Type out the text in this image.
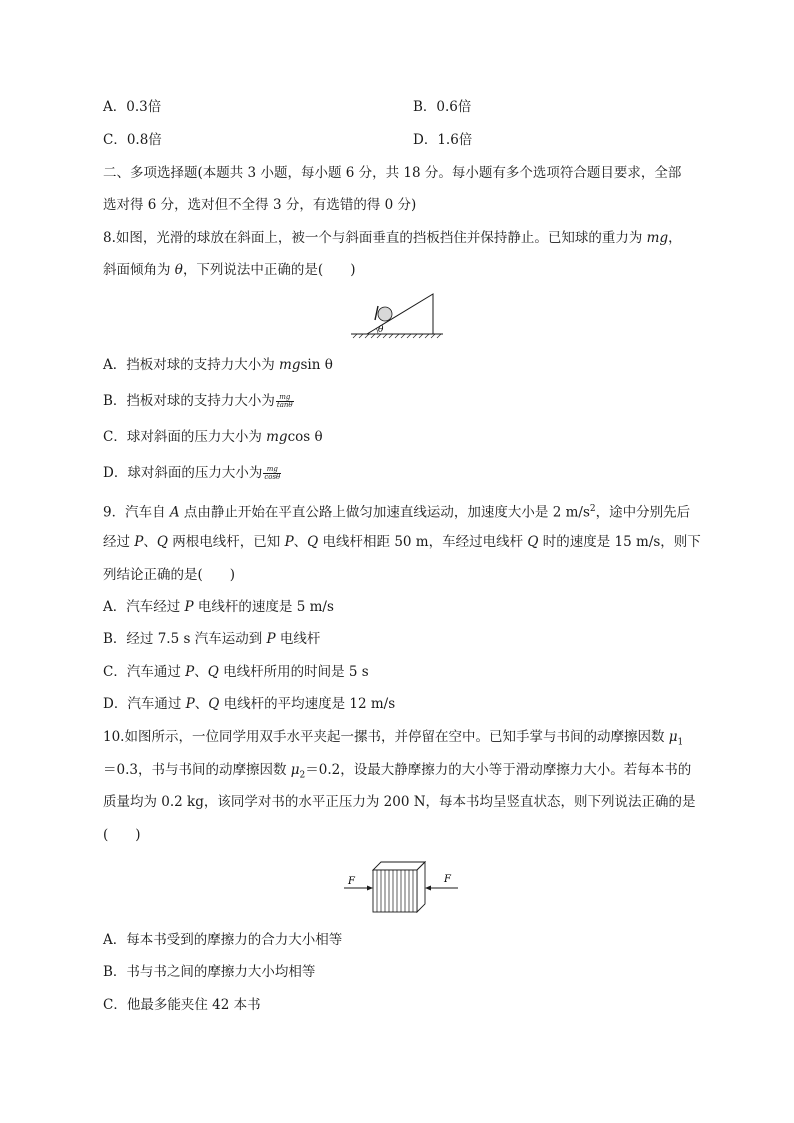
A．0.3倍	B．0.6倍
C．0.8倍	D．1.6倍
二、多项选择题(本题共 3 小题，每小题 6 分，共 18 分。每小题有多个选项符合题目要求，全部
选对得 6 分，选对但不全得 3 分，有选错的得 0 分)
8.如图，光滑的球放在斜面上，被一个与斜面垂直的挡板挡住并保持静止。已知球的重力为 mg，
斜面倾角为 θ，下列说法中正确的是(　　)
θ
A．挡板对球的支持力大小为 mgsin θ
B．挡板对球的支持力大小为 $\frac{mg}{\tan\theta}$
C．球对斜面的压力大小为 mgcos θ
D．球对斜面的压力大小为 $\frac{mg}{\cos\theta}$
9．汽车自 A 点由静止开始在平直公路上做匀加速直线运动，加速度大小是 2 $m/s^2$，途中分别先后
经过 P、Q 两根电线杆，已知 P、Q 电线杆相距 50 m，车经过电线杆 Q 时的速度是 15 m/s，则下
列结论正确的是(　　)
A．汽车经过 P 电线杆的速度是 5 m/s
B．经过 7.5 s 汽车运动到 P 电线杆
C．汽车通过 P、Q 电线杆所用的时间是 5 s
D．汽车通过 P、Q 电线杆的平均速度是 12 m/s
10.如图所示，一位同学用双手水平夹起一摞书，并停留在空中。已知手掌与书间的动摩擦因数 $\mu_1$
＝0.3，书与书间的动摩擦因数 $\mu_2=0.2$，设最大静摩擦力的大小等于滑动摩擦力大小。若每本书的
质量均为 0.2 kg，该同学对书的水平正压力为 200 N，每本书均呈竖直状态，则下列说法正确的是
(　　)
F	F
A．每本书受到的摩擦力的合力大小相等
B．书与书之间的摩擦力大小均相等
C．他最多能夹住 42 本书
